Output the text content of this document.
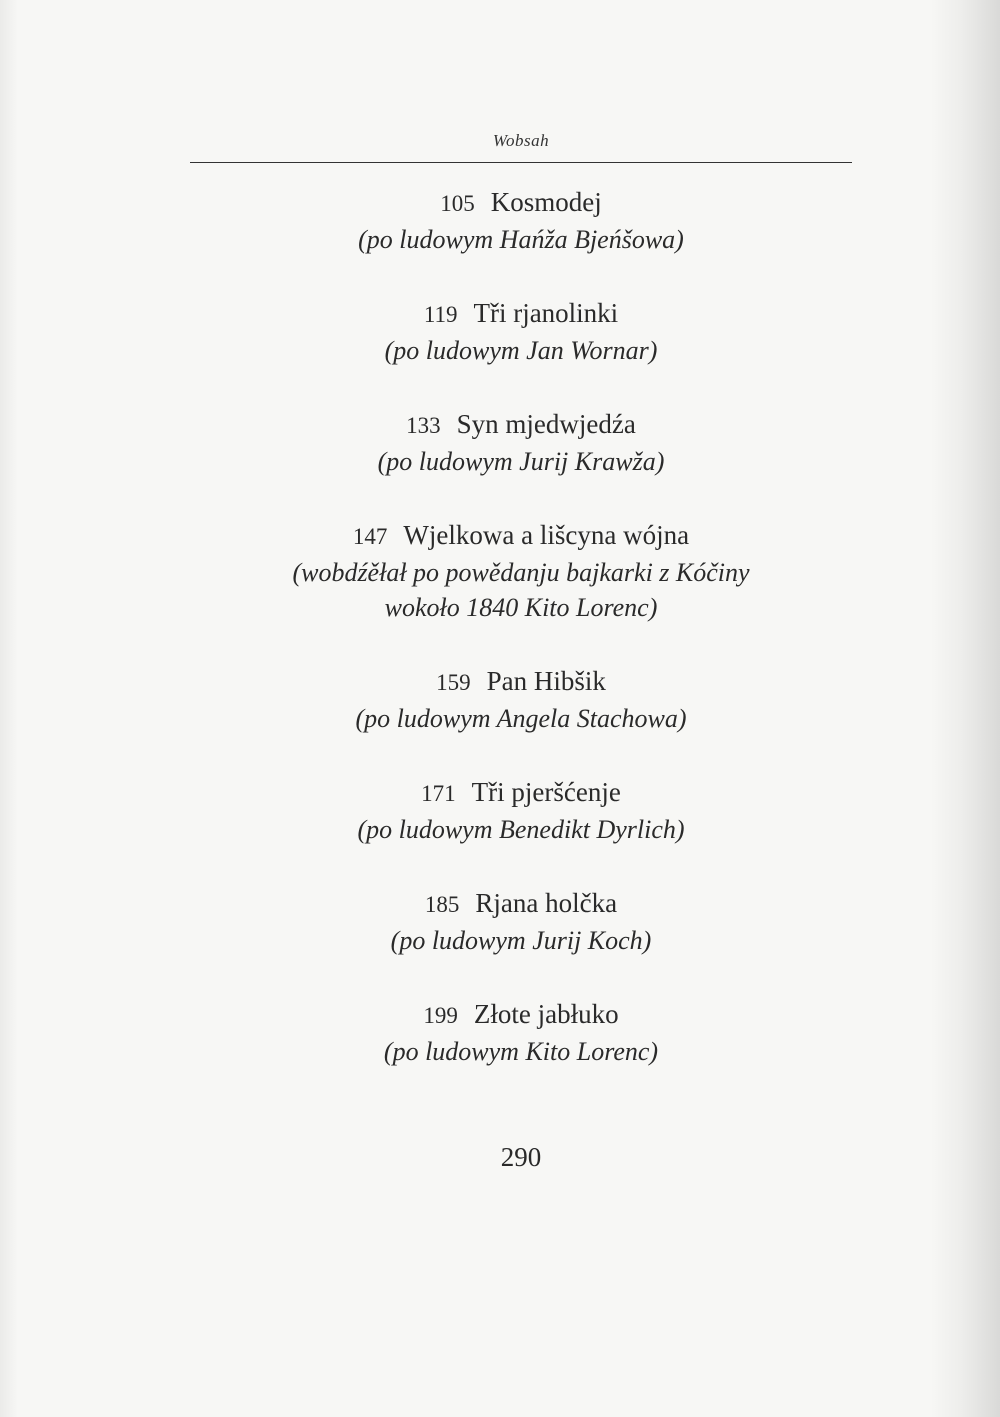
Wobsah
105 Kosmodej
(po ludowym Hańža Bjeńšowa)
119 Tři rjanolinki
(po ludowym Jan Wornar)
133 Syn mjedwjedźa
(po ludowym Jurij Krawža)
147 Wjelkowa a lišcyna wójna
(wobdźěłał po powědanju bajkarki z Kóčiny
wokoło 1840 Kito Lorenc)
159 Pan Hibšik
(po ludowym Angela Stachowa)
171 Tři pjeršćenje
(po ludowym Benedikt Dyrlich)
185 Rjana holčka
(po ludowym Jurij Koch)
199 Złote jabłuko
(po ludowym Kito Lorenc)
290
